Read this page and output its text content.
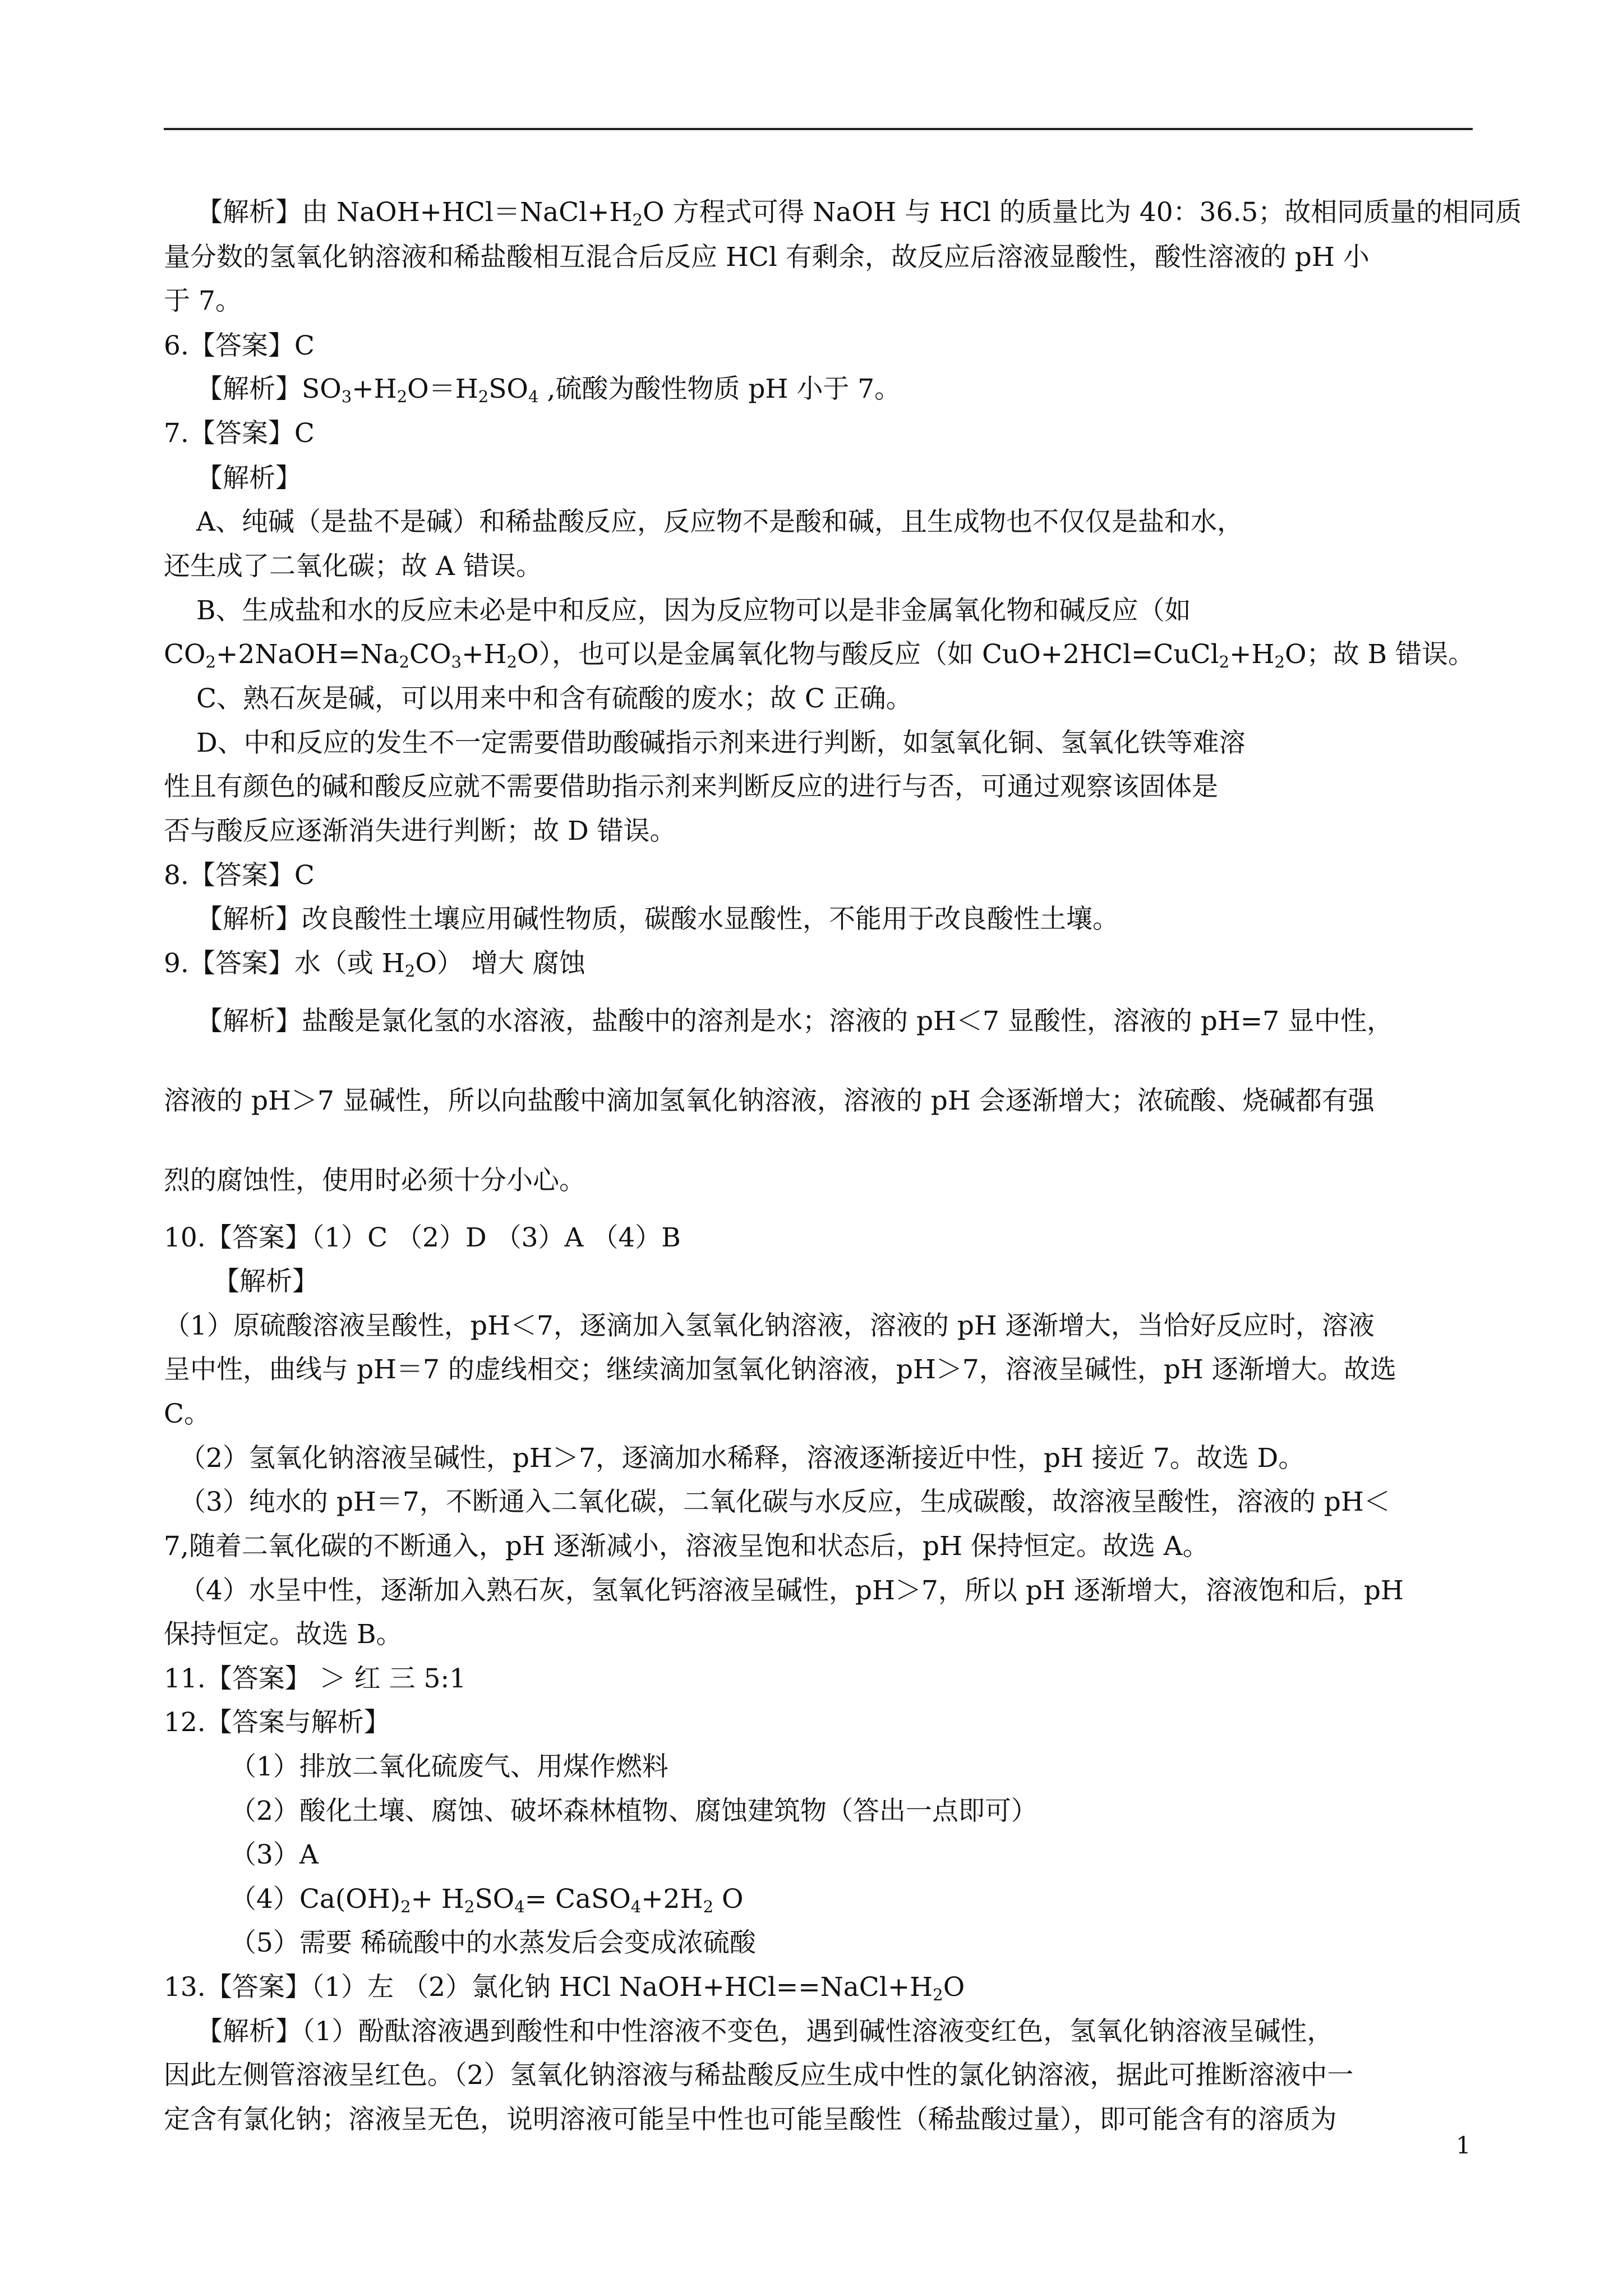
【解析】由 $NaOH+HCl=NaCl+H_2O$ 方程式可得 NaOH 与 HCl 的质量比为 40：36.5；故相同质量的相同质
量分数的氢氧化钠溶液和稀盐酸相互混合后反应 HCl 有剩余，故反应后溶液显酸性，酸性溶液的 pH 小
于 7。
6.【答案】C
【解析】$SO_3+H_2O=H_2SO_4$ ,硫酸为酸性物质 pH 小于 7。
7.【答案】C
【解析】
A、纯碱（是盐不是碱）和稀盐酸反应，反应物不是酸和碱，且生成物也不仅仅是盐和水，
还生成了二氧化碳；故 A 错误。
B、生成盐和水的反应未必是中和反应，因为反应物可以是非金属氧化物和碱反应（如
$CO_2+2NaOH=Na_2CO_3+H_2O$），也可以是金属氧化物与酸反应（如 $CuO+2HCl=CuCl_2+H_2O$；故 B 错误。
C、熟石灰是碱，可以用来中和含有硫酸的废水；故 C 正确。
D、中和反应的发生不一定需要借助酸碱指示剂来进行判断，如氢氧化铜、氢氧化铁等难溶
性且有颜色的碱和酸反应就不需要借助指示剂来判断反应的进行与否，可通过观察该固体是
否与酸反应逐渐消失进行判断；故 D 错误。
8.【答案】C
【解析】改良酸性土壤应用碱性物质，碳酸水显酸性，不能用于改良酸性土壤。
9.【答案】水（或 $H_2O$） 增大 腐蚀
【解析】盐酸是氯化氢的水溶液，盐酸中的溶剂是水；溶液的 pH＜7 显酸性，溶液的 pH=7 显中性，
溶液的 pH＞7 显碱性，所以向盐酸中滴加氢氧化钠溶液，溶液的 pH 会逐渐增大；浓硫酸、烧碱都有强
烈的腐蚀性，使用时必须十分小心。
10.【答案】（1）C （2）D （3）A （4）B
【解析】
（1）原硫酸溶液呈酸性，pH＜7，逐滴加入氢氧化钠溶液，溶液的 pH 逐渐增大，当恰好反应时，溶液
呈中性，曲线与 pH＝7 的虚线相交；继续滴加氢氧化钠溶液，pH＞7，溶液呈碱性，pH 逐渐增大。故选
C。
（2）氢氧化钠溶液呈碱性，pH＞7，逐滴加水稀释，溶液逐渐接近中性，pH 接近 7。故选 D。
（3）纯水的 pH＝7，不断通入二氧化碳，二氧化碳与水反应，生成碳酸，故溶液呈酸性，溶液的 pH＜
7,随着二氧化碳的不断通入，pH 逐渐减小，溶液呈饱和状态后，pH 保持恒定。故选 A。
（4）水呈中性，逐渐加入熟石灰，氢氧化钙溶液呈碱性，pH＞7，所以 pH 逐渐增大，溶液饱和后，pH
保持恒定。故选 B。
11.【答案】 ＞ 红 三 5:1
12.【答案与解析】
（1）排放二氧化硫废气、用煤作燃料
（2）酸化土壤、腐蚀、破坏森林植物、腐蚀建筑物（答出一点即可）
（3）A
$(4)Ca(OH)_2+ H_2SO_4=$ $CaSO_4+2H_2$ O
（5）需要 稀硫酸中的水蒸发后会变成浓硫酸
13.【答案】（1）左 （2）氯化钠 HCl $NaOH+HCl==NaCl+H_2O$
【解析】（1）酚酞溶液遇到酸性和中性溶液不变色，遇到碱性溶液变红色，氢氧化钠溶液呈碱性，
因此左侧管溶液呈红色。（2）氢氧化钠溶液与稀盐酸反应生成中性的氯化钠溶液，据此可推断溶液中一
定含有氯化钠；溶液呈无色，说明溶液可能呈中性也可能呈酸性（稀盐酸过量），即可能含有的溶质为
1
